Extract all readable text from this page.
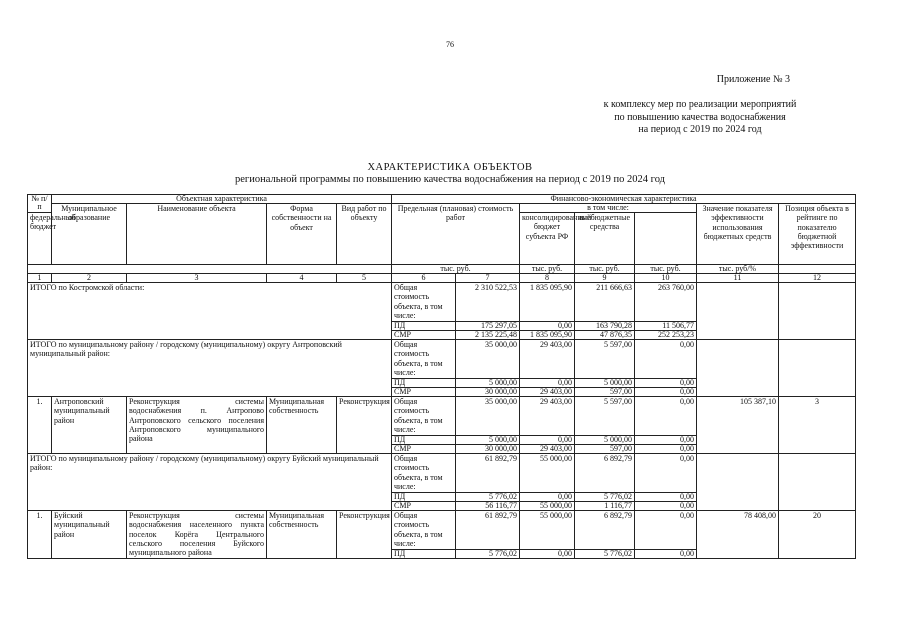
76
Приложение № 3
к комплексу мер по реализации мероприятий
по повышению качества водоснабжения
на период с 2019 по 2024 год
ХАРАКТЕРИСТИКА ОБЪЕКТОВ
региональной программы по повышению качества водоснабжения на период с 2019 по 2024 год
№ п/п	Объектная характеристика				Финансово-экономическая характеристика						
	Муниципальное образование	Наименование объекта	Форма собственности на объект	Вид работ по объекту	Предельная (плановая) стоимость работ		в том числе:			Значение показателя эффективности использования бюджетных средств	Позиция объекта в рейтинге по показателю бюджетной эффективности
федеральный бюджет							консолидированный бюджет субъекта РФ	внебюджетные средства			
					тыс. руб.		тыс. руб.	тыс. руб.	тыс. руб.	тыс. руб/%	
1	2	3	4	5	6	7	8	9	10	11	12
ИТОГО по Костромской области:					Общая стоимость объекта, в том числе:	2 310 522,53	1 835 095,90	211 666,63	263 760,00		
					ПД	175 297,05	0,00	163 790,28	11 506,77		
					СМР	2 135 225,48	1 835 095,90	47 876,35	252 253,23		
ИТОГО по муниципальному району / городскому (муниципальному) округу Антроповский муниципальный район:					Общая стоимость объекта, в том числе:	35 000,00	29 403,00	5 597,00	0,00		
					ПД	5 000,00	0,00	5 000,00	0,00		
					СМР	30 000,00	29 403,00	597,00	0,00		
1.	Антроповский муниципальный район	Реконструкция системы водоснабжения п. Антропово Антроповского сельского поселения Антроповского муниципального района	Муниципальная собственность	Реконструкция	Общая стоимость объекта, в том числе:	35 000,00	29 403,00	5 597,00	0,00	105 387,10	3
					ПД	5 000,00	0,00	5 000,00	0,00		
					СМР	30 000,00	29 403,00	597,00	0,00		
ИТОГО по муниципальному району / городскому (муниципальному) округу Буйский муниципальный район:					Общая стоимость объекта, в том числе:	61 892,79	55 000,00	6 892,79	0,00		
					ПД	5 776,02	0,00	5 776,02	0,00		
					СМР	56 116,77	55 000,00	1 116,77	0,00		
1.	Буйский муниципальный район	Реконструкция системы водоснабжения населенного пункта поселок Корёга Центрального сельского поселения Буйского муниципального района	Муниципальная собственность	Реконструкция	Общая стоимость объекта, в том числе:	61 892,79	55 000,00	6 892,79	0,00	78 408,00	20
					ПД	5 776,02	0,00	5 776,02	0,00		
